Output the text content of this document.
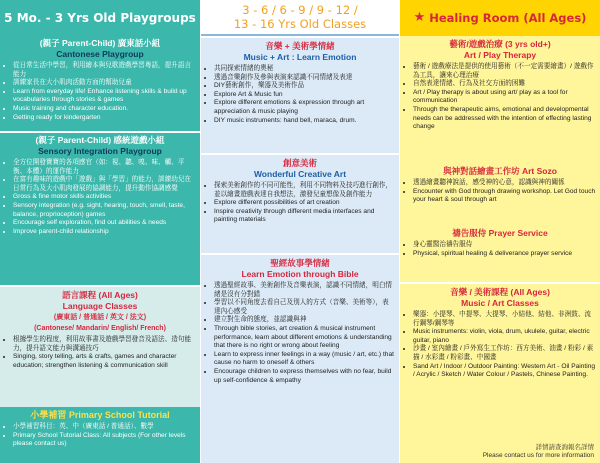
5 Mo. - 3 Yrs Old Playgroups
(親子 Parent-Child) 廣東話小組
Cantonese Playgroup
• 從日常生活中學習，利用繪本與兒歌遊戲學習粵語，提升語言能力
• 訓練家長在大小肌肉活動方面的幫助兒童
• Learn from everyday life! Enhance listening skills & build up vocabularies through stories & games
• Music training and character education.
• Getting ready for kindergarten
(親子 Parent-Child) 感統遊戲小組
Sensory Integration Playgroup
• 全方位開發寶寶的各項感官（如：視、聽、嗅、味、觸、平衡、本體）的運作能力
• 在富有趣味的遊戲中「遊戲」與「學習」的能力，訓練幼兒在日常行為及大小肌肉發展的協調能力，提升動作協調感覺
• Gross & fine motor skills activities
• Sensory integration (e.g. sight, hearing, touch, smell, taste, balance, proprioception) games
• Encourage self exploration, find out abilities & needs
• Improve parent-child relationship
語言課程 (All Ages)
Language Classes
(廣東話 / 普通話 / 英文 / 法文)
(Cantonese/ Mandarin/ English/ French)
• 根據學生的程度，利用故事書及遊戲學習發音及語法、造句能力，提升語文能力與溝通技巧
• Singing, story telling, arts & crafts, games and character education; strengthen listening & communication skill
小學補習 Primary School Tutorial
• 小學補習科目：英、中（廣東話 / 普通話）、數學
• Primary School Tutorial Class: All subjects (For other levels please contact us)
3 - 6 / 6 - 9 / 9 - 12 /
13 - 16 Yrs Old Classes
音樂 + 美術學情緒
Music + Art : Learn Emotion
• 共同探索情緒的奧秘
• 透過音樂創作及參與表演來認識不同情緒及表達
• DIY藝術創作，樂器及美術作品
• Explore Art & Music fun
• Explore different emotions & expression through art appreciation & music playing
• DIY music instruments: hand bell, maraca, drum.
創意美術
Wonderful Creative Art
• 探索美術創作的不同可能性，利用不同物料及技巧進行創作，並以繪畫遊戲表達自我想法，激發兒童想像及創作能力
• Explore different possibilities of art creation
• Inspire creativity through different media interfaces and painting materials
聖經故事學情緒
Learn Emotion through Bible
• 透過聖經故事、美術創作及音樂表演，認識不同情緒，明白情緒是沒有分對錯
• 學習以不同角度去看自己及別人的方式（音樂、美術等），表達內心感受
• 建立對生命的態度，並認識與神
• Through bible stories, art creation & musical instrument performance, learn about different emotions & understanding that there is no right or wrong about feeling
• Learn to express inner feelings in a way (music / art, etc.) that cause no harm to oneself & others
• Encourage children to express themselves with no fear, build up self-confidence & empathy
★ Healing Room (All Ages)
藝術/遊戲治療 (3 yrs old+)
Art / Play Therapy
• 藝術 / 遊戲療法是提供的使用藝術（不一定需要繪畫）/ 遊戲作為工具，讓來心理治療
• 自然表達情緒、行為及社交方面的困難
• Art / Play therapy is about using art/ play as a tool for communication
• Through the therapeutic aims, emotional and developmental needs can be addressed with the intention of effecting lasting change
與神對話繪畫工作坊 Art Sozo
• 透過繪畫聽神說話，感受神的心意，認識與神的關係
• Encounter with God through drawing workshop. Let God touch your heart & soul through art
禱告服侍 Prayer Service
• 身心靈醫治禱告服侍
• Physical, spiritual healing & deliverance prayer service
音樂 / 美術課程 (All Ages)
Music / Art Classes
• 樂器：小提琴、中提琴、大提琴、小結他、結他、非洲鼓、流行鋼琴/鋼琴等
• Music instruments: violin, viola, drum, ukulele, guitar, electric guitar, piano
• 沙畫 / 室內繪畫 / 戶外寫生工作坊：西方美術、油畫 / 粉彩 / 素描 / 水彩畫 / 粉彩畫、中國畫
• Sand Art / Indoor / Outdoor Painting: Western Art - Oil Painting / Acrylic / Sketch / Water Colour / Pastels, Chinese Painting.
詳情請查詢報名詳情
Please contact us for more information
